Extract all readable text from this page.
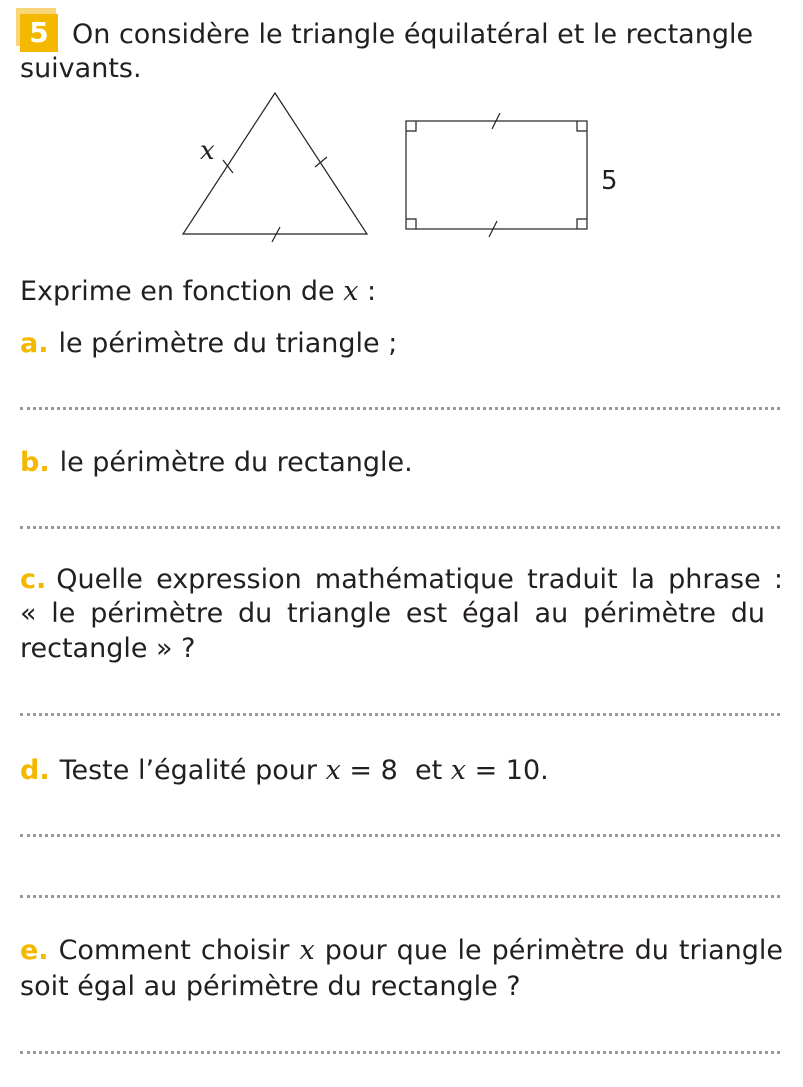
5 On considère le triangle équilatéral et le rectangle
suivants.
x
5
Exprime en fonction de x :
a. le périmètre du triangle ;
b. le périmètre du rectangle.
c. Quelle expression mathématique traduit la phrase :
« le périmètre du triangle est égal au périmètre du
rectangle » ?
d. Teste l’égalité pour x = 8 et x = 10.
e. Comment choisir x pour que le périmètre du triangle
soit égal au périmètre du rectangle ?
